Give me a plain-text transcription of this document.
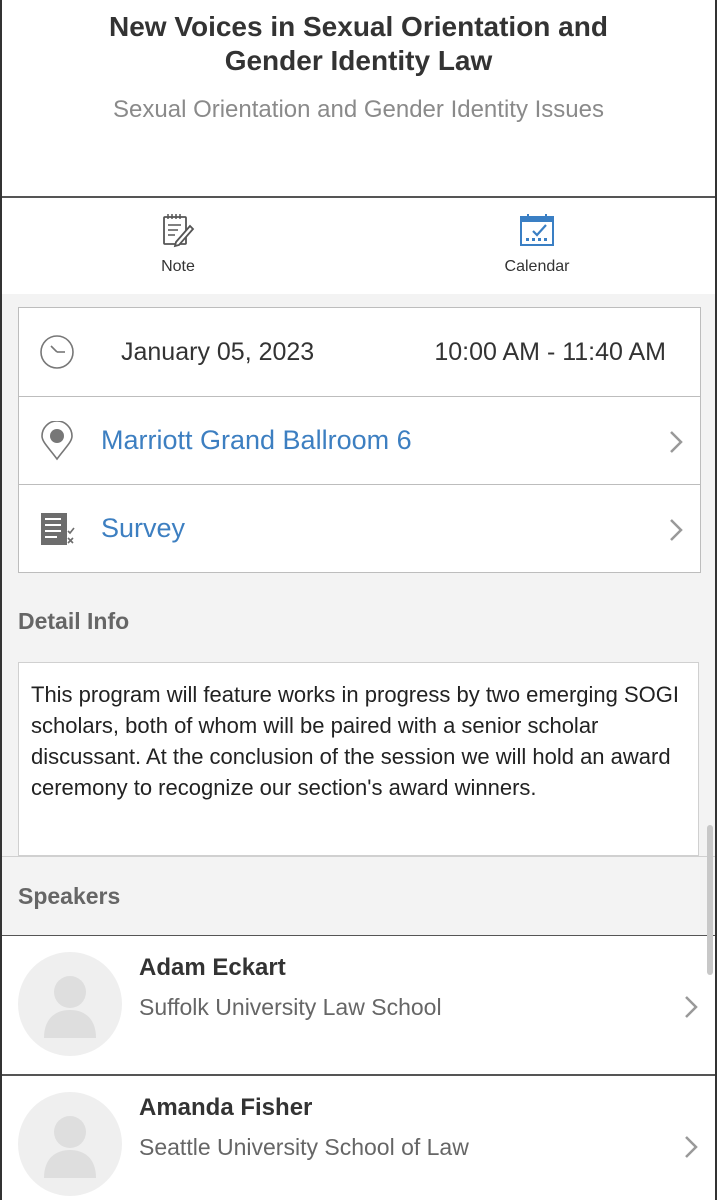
New Voices in Sexual Orientation and Gender Identity Law
Sexual Orientation and Gender Identity Issues
Note	Calendar
January 05, 2023	10:00 AM - 11:40 AM
Marriott Grand Ballroom 6
Survey
Detail Info
This program will feature works in progress by two emerging SOGI scholars, both of whom will be paired with a senior scholar discussant. At the conclusion of the session we will hold an award ceremony to recognize our section's award winners.
Speakers
Adam Eckart
Suffolk University Law School
Amanda Fisher
Seattle University School of Law
